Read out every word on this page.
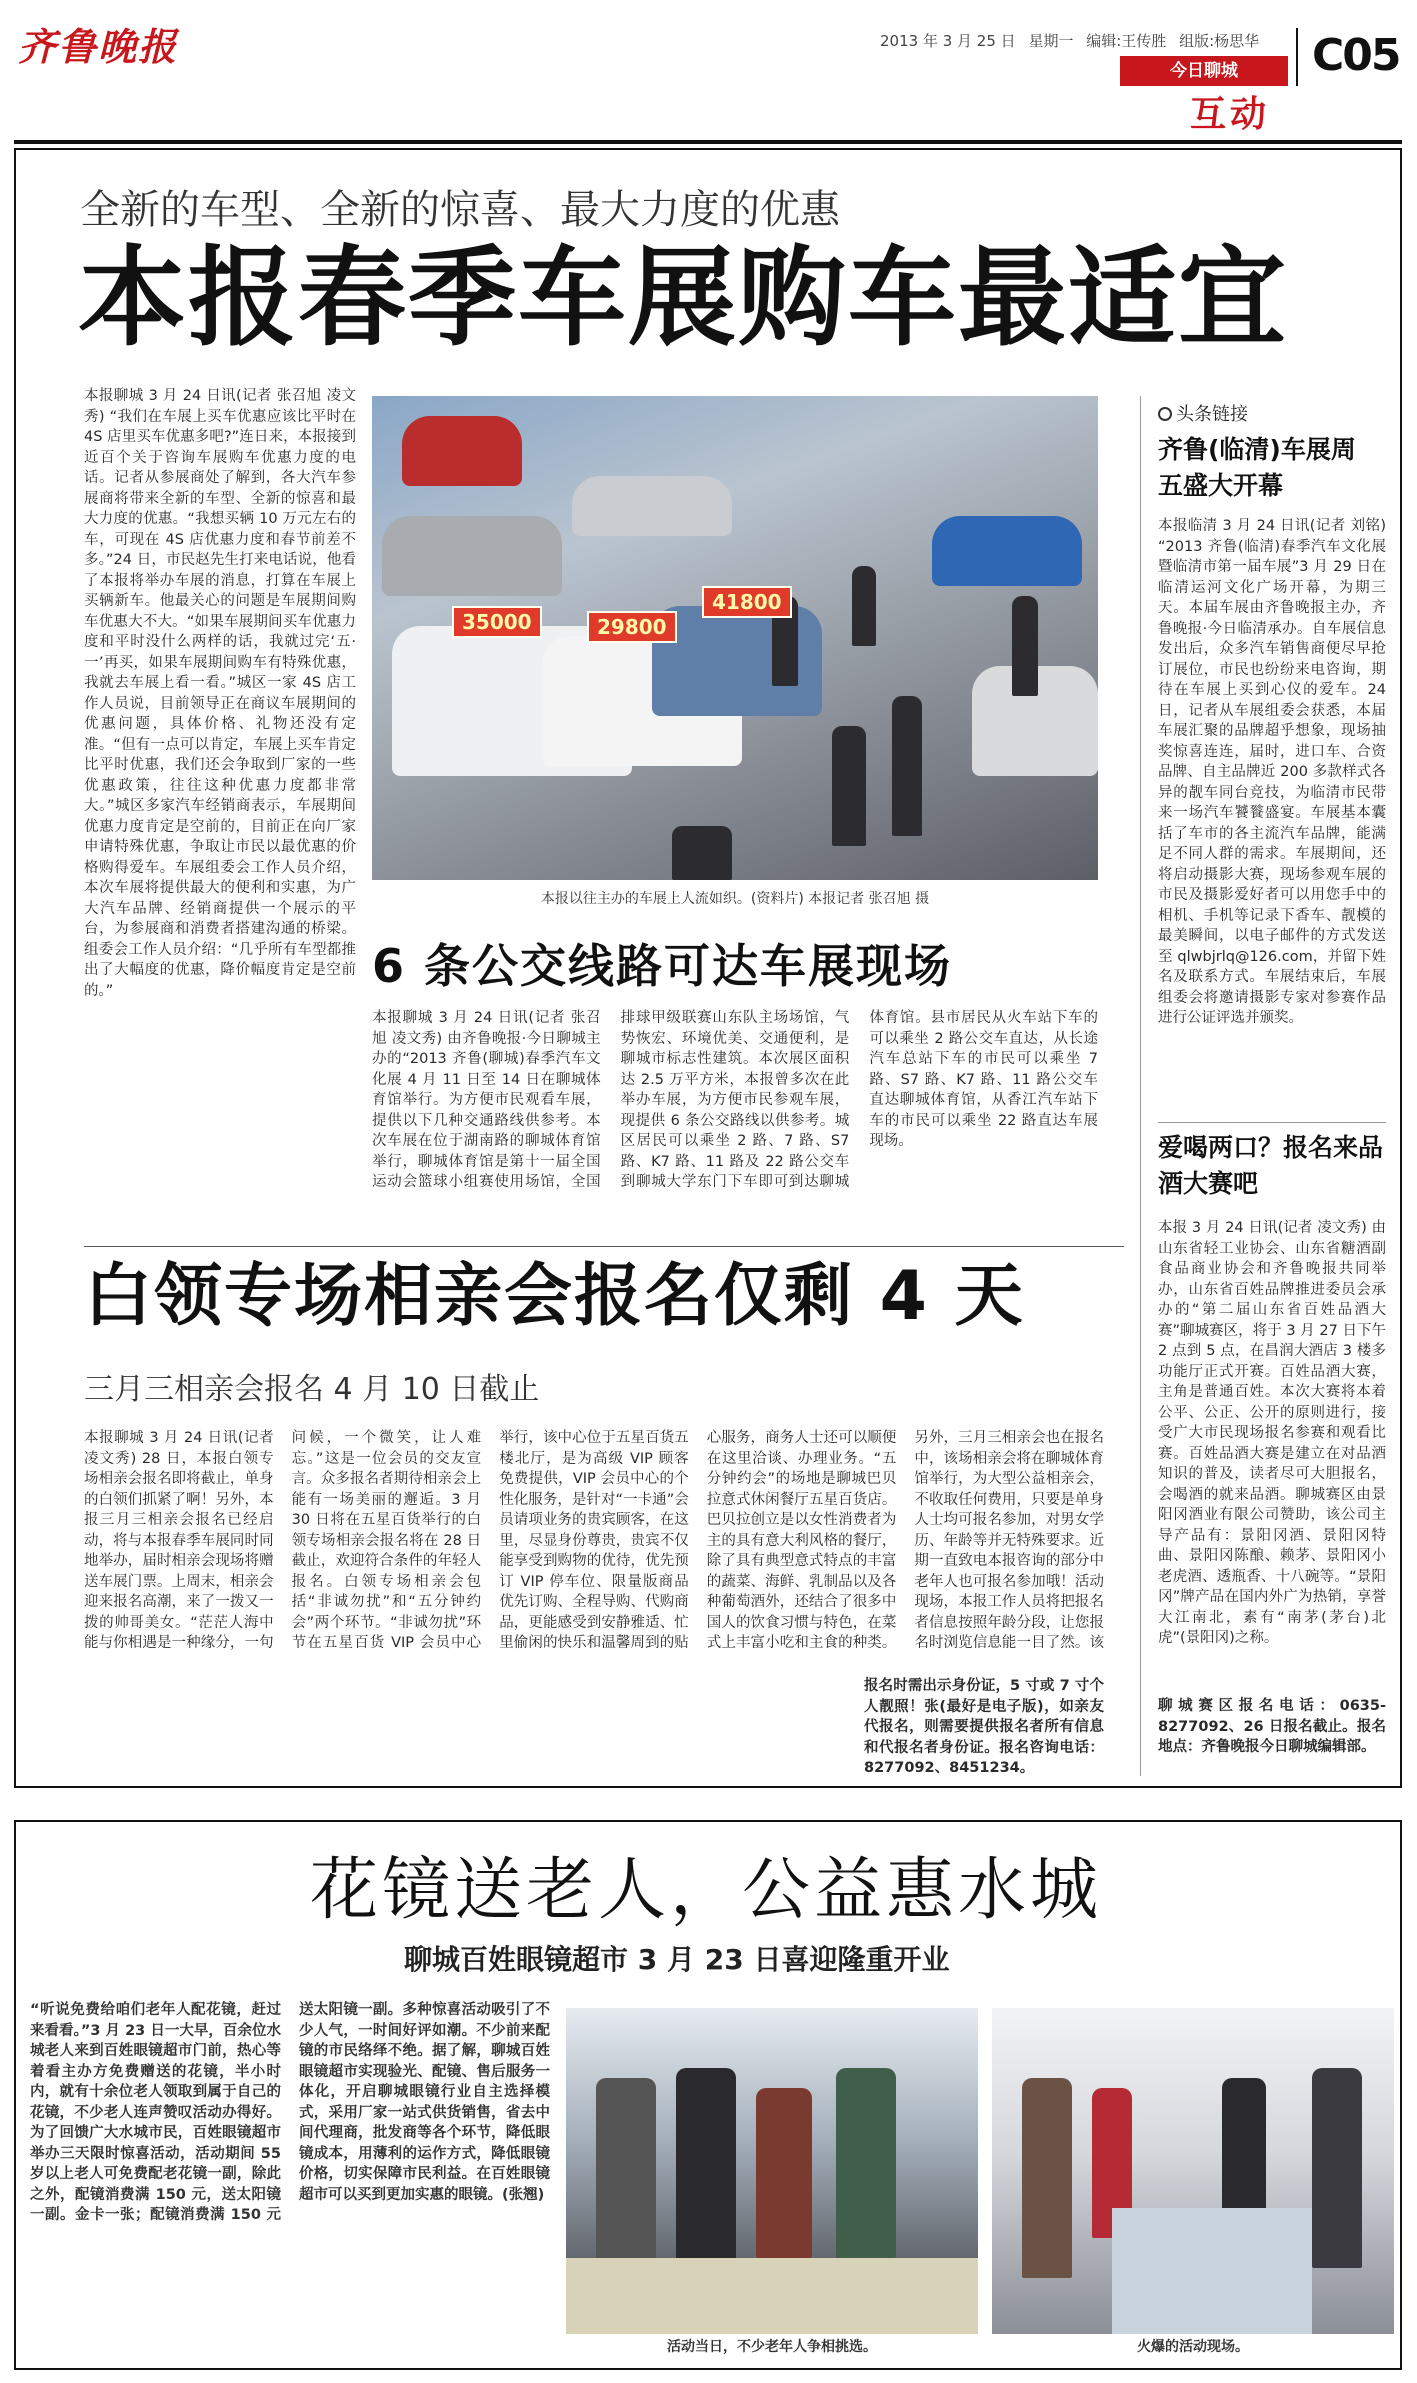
齐鲁晚报	2013 年 3 月 25 日 星期一 编辑:王传胜 组版:杨思华 C05
今日聊城
互动
全新的车型、全新的惊喜、最大力度的优惠
本报春季车展购车最适宜
本报聊城 3 月 24 日讯(记者 张召旭 凌文秀) “我们在车展上买车优惠应该比平时在 4S 店里买车优惠多吧?”连日来，本报接到近百个关于咨询车展购车优惠力度的电话。记者从参展商处了解到，各大汽车参展商将带来全新的车型、全新的惊喜和最大力度的优惠。“我想买辆 10 万元左右的车，可现在 4S 店优惠力度和春节前差不多。”24 日，市民赵先生打来电话说，他看了本报将举办车展的消息，打算在车展上买辆新车。他最关心的问题是车展期间购车优惠大不大。“如果车展期间买车优惠力度和平时没什么两样的话，我就过完‘五·一’再买，如果车展期间购车有特殊优惠，我就去车展上看一看。”城区一家 4S 店工作人员说，目前领导正在商议车展期间的优惠问题，具体价格、礼物还没有定准。“但有一点可以肯定，车展上买车肯定比平时优惠，我们还会争取到厂家的一些优惠政策，往往这种优惠力度都非常大。”城区多家汽车经销商表示，车展期间优惠力度肯定是空前的，目前正在向厂家申请特殊优惠，争取让市民以最优惠的价格购得爱车。车展组委会工作人员介绍，本次车展将提供最大的便利和实惠，为广大汽车品牌、经销商提供一个展示的平台，为参展商和消费者搭建沟通的桥梁。组委会工作人员介绍：“几乎所有车型都推出了大幅度的优惠，降价幅度肯定是空前的。”
35000	29800
41800
本报以往主办的车展上人流如织。(资料片) 本报记者 张召旭 摄
6 条公交线路可达车展现场
本报聊城 3 月 24 日讯(记者 张召旭 凌文秀) 由齐鲁晚报·今日聊城主办的“2013 齐鲁(聊城)春季汽车文化展 4 月 11 日至 14 日在聊城体育馆举行。为方便市民观看车展，提供以下几种交通路线供参考。本次车展在位于湖南路的聊城体育馆举行，聊城体育馆是第十一届全国运动会篮球小组赛使用场馆，全国排球甲级联赛山东队主场场馆，气势恢宏、环境优美、交通便利，是聊城市标志性建筑。本次展区面积达 2.5 万平方米，本报曾多次在此举办车展，为方便市民参观车展，现提供 6 条公交路线以供参考。城区居民可以乘坐 2 路、7 路、S7 路、K7 路、11 路及 22 路公交车到聊城大学东门下车即可到达聊城体育馆。县市居民从火车站下车的可以乘坐 2 路公交车直达，从长途汽车总站下车的市民可以乘坐 7 路、S7 路、K7 路、11 路公交车直达聊城体育馆，从香江汽车站下车的市民可以乘坐 22 路直达车展现场。
头条链接
齐鲁(临清)车展周五盛大开幕
本报临清 3 月 24 日讯(记者 刘铭) “2013 齐鲁(临清)春季汽车文化展暨临清市第一届车展”3 月 29 日在临清运河文化广场开幕，为期三天。本届车展由齐鲁晚报主办，齐鲁晚报·今日临清承办。自车展信息发出后，众多汽车销售商便尽早抢订展位，市民也纷纷来电咨询，期待在车展上买到心仪的爱车。24 日，记者从车展组委会获悉，本届车展汇聚的品牌超乎想象，现场抽奖惊喜连连，届时，进口车、合资品牌、自主品牌近 200 多款样式各异的靓车同台竞技，为临清市民带来一场汽车饕餮盛宴。车展基本囊括了车市的各主流汽车品牌，能满足不同人群的需求。车展期间，还将启动摄影大赛，现场参观车展的市民及摄影爱好者可以用您手中的相机、手机等记录下香车、靓模的最美瞬间，以电子邮件的方式发送至 qlwbjrlq@126.com，并留下姓名及联系方式。车展结束后，车展组委会将邀请摄影专家对参赛作品进行公证评选并颁奖。
爱喝两口？报名来品酒大赛吧
本报 3 月 24 日讯(记者 凌文秀) 由山东省轻工业协会、山东省糖酒副食品商业协会和齐鲁晚报共同举办，山东省百姓品牌推进委员会承办的“第二届山东省百姓品酒大赛”聊城赛区，将于 3 月 27 日下午 2 点到 5 点，在昌润大酒店 3 楼多功能厅正式开赛。百姓品酒大赛，主角是普通百姓。本次大赛将本着公平、公正、公开的原则进行，接受广大市民现场报名参赛和观看比赛。百姓品酒大赛是建立在对品酒知识的普及，读者尽可大胆报名，会喝酒的就来品酒。聊城赛区由景阳冈酒业有限公司赞助，该公司主导产品有：景阳冈酒、景阳冈特曲、景阳冈陈酿、赖茅、景阳冈小老虎酒、透瓶香、十八碗等。“景阳冈”牌产品在国内外广为热销，享誉大江南北，素有“南茅(茅台)北虎”(景阳冈)之称。
聊城赛区报名电话：0635-8277092、26 日报名截止。报名地点：齐鲁晚报今日聊城编辑部。
白领专场相亲会报名仅剩 4 天
三月三相亲会报名 4 月 10 日截止
本报聊城 3 月 24 日讯(记者 凌文秀) 28 日，本报白领专场相亲会报名即将截止，单身的白领们抓紧了啊！另外，本报三月三相亲会报名已经启动，将与本报春季车展同时同地举办，届时相亲会现场将赠送车展门票。上周末，相亲会迎来报名高潮，来了一拨又一拨的帅哥美女。“茫茫人海中能与你相遇是一种缘分，一句问候，一个微笑，让人难忘。”这是一位会员的交友宣言。众多报名者期待相亲会上能有一场美丽的邂逅。3 月 30 日将在五星百货举行的白领专场相亲会报名将在 28 日截止，欢迎符合条件的年轻人报名。白领专场相亲会包括“非诚勿扰”和“五分钟约会”两个环节。“非诚勿扰”环节在五星百货 VIP 会员中心举行，该中心位于五星百货五楼北厅，是为高级 VIP 顾客免费提供，VIP 会员中心的个性化服务，是针对“一卡通”会员请项业务的贵宾顾客，在这里，尽显身份尊贵，贵宾不仅能享受到购物的优待，优先预订 VIP 停车位、限量版商品优先订购、全程导购、代购商品，更能感受到安静雅适、忙里偷闲的快乐和温馨周到的贴心服务，商务人士还可以顺便在这里洽谈、办理业务。“五分钟约会”的场地是聊城巴贝拉意式休闲餐厅五星百货店。巴贝拉创立是以女性消费者为主的具有意大利风格的餐厅，除了具有典型意式特点的丰富的蔬菜、海鲜、乳制品以及各种葡萄酒外，还结合了很多中国人的饮食习惯与特色，在菜式上丰富小吃和主食的种类。另外，三月三相亲会也在报名中，该场相亲会将在聊城体育馆举行，为大型公益相亲会，不收取任何费用，只要是单身人士均可报名参加，对男女学历、年龄等并无特殊要求。近期一直致电本报咨询的部分中老年人也可报名参加哦！活动现场，本报工作人员将把报名者信息按照年龄分段，让您报名时浏览信息能一目了然。该
报名时需出示身份证，5 寸或 7 寸个人靓照！张(最好是电子版)，如亲友代报名，则需要提供报名者所有信息和代报名者身份证。报名咨询电话：8277092、8451234。
花镜送老人，公益惠水城
聊城百姓眼镜超市 3 月 23 日喜迎隆重开业
“听说免费给咱们老年人配花镜，赶过来看看。”3 月 23 日一大早，百余位水城老人来到百姓眼镜超市门前，热心等着看主办方免费赠送的花镜，半小时内，就有十余位老人领取到属于自己的花镜，不少老人连声赞叹活动办得好。为了回馈广大水城市民，百姓眼镜超市举办三天限时惊喜活动，活动期间 55 岁以上老人可免费配老花镜一副，除此之外，配镜消费满 150 元，送太阳镜一副。金卡一张；配镜消费满 150 元送太阳镜一副。多种惊喜活动吸引了不少人气，一时间好评如潮。不少前来配镜的市民络绎不绝。据了解，聊城百姓眼镜超市实现验光、配镜、售后服务一体化，开启聊城眼镜行业自主选择模式，采用厂家一站式供货销售，省去中间代理商，批发商等各个环节，降低眼镜成本，用薄利的运作方式，降低眼镜价格，切实保障市民利益。在百姓眼镜超市可以买到更加实惠的眼镜。(张翘)
活动当日，不少老年人争相挑选。	火爆的活动现场。
